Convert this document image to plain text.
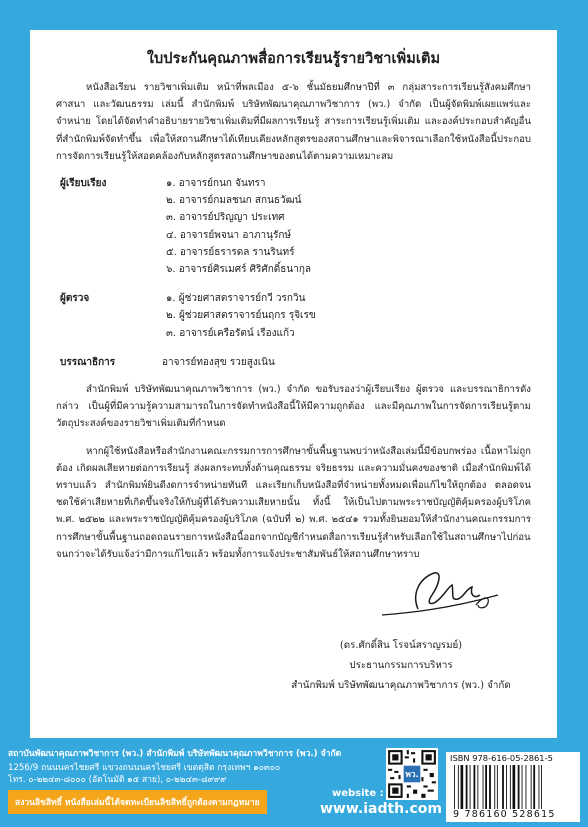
ใบประกันคุณภาพสื่อการเรียนรู้รายวิชาเพิ่มเติม

หนังสือเรียน รายวิชาเพิ่มเติม หน้าที่พลเมือง ๕-๖ ชั้นมัธยมศึกษาปีที่ ๓ กลุ่มสาระการเรียนรู้สังคมศึกษา ศาสนา และวัฒนธรรม เล่มนี้ สำนักพิมพ์ บริษัทพัฒนาคุณภาพวิชาการ (พว.) จำกัด เป็นผู้จัดพิมพ์เผยแพร่และจำหน่าย โดยได้จัดทำคำอธิบายรายวิชาเพิ่มเติมที่มีผลการเรียนรู้ สาระการเรียนรู้เพิ่มเติม และองค์ประกอบสำคัญอื่นที่สำนักพิมพ์จัดทำขึ้น เพื่อให้สถานศึกษาได้เทียบเคียงหลักสูตรของสถานศึกษาและพิจารณาเลือกใช้หนังสือนี้ประกอบการจัดการเรียนรู้ให้สอดคล้องกับหลักสูตรสถานศึกษาของตนได้ตามความเหมาะสม

ผู้เรียบเรียง	๑. อาจารย์กนก จันทรา
๒. อาจารย์กมลชนก สกนธวัฒน์
๓. อาจารย์ปริญญา ประเทศ
๔. อาจารย์พจนา อาภานุรักษ์
๕. อาจารย์ธรารดล รานรินทร์
๖. อาจารย์ศิรเมศร์ ศิริศักดิ์ธนากุล
ผู้ตรวจ	๑. ผู้ช่วยศาสตราจารย์กวี วรกวิน
๒. ผู้ช่วยศาสตราจารย์นฤกร รุจิเรข
๓. อาจารย์เครือรัตน์ เรืองแก้ว
บรรณาธิการ	อาจารย์ทองสุข รวยสูงเนิน

สำนักพิมพ์ บริษัทพัฒนาคุณภาพวิชาการ (พว.) จำกัด ขอรับรองว่าผู้เรียบเรียง ผู้ตรวจ และบรรณาธิการดังกล่าว เป็นผู้ที่มีความรู้ความสามารถในการจัดทำหนังสือนี้ให้มีความถูกต้อง และมีคุณภาพในการจัดการเรียนรู้ตามวัตถุประสงค์ของรายวิชาเพิ่มเติมที่กำหนด

หากผู้ใช้หนังสือหรือสำนักงานคณะกรรมการการศึกษาขั้นพื้นฐานพบว่าหนังสือเล่มนี้มีข้อบกพร่อง เนื้อหาไม่ถูกต้อง เกิดผลเสียหายต่อการเรียนรู้ ส่งผลกระทบทั้งด้านคุณธรรม จริยธรรม และความมั่นคงของชาติ เมื่อสำนักพิมพ์ได้ทราบแล้ว สำนักพิมพ์ยินดีงดการจำหน่ายทันที และเรียกเก็บหนังสือที่จำหน่ายทั้งหมดเพื่อแก้ไขให้ถูกต้อง ตลอดจนชดใช้ค่าเสียหายที่เกิดขึ้นจริงให้กับผู้ที่ได้รับความเสียหายนั้น ทั้งนี้ ให้เป็นไปตามพระราชบัญญัติคุ้มครองผู้บริโภค พ.ศ. ๒๕๒๒ และพระราชบัญญัติคุ้มครองผู้บริโภค (ฉบับที่ ๒) พ.ศ. ๒๕๔๑ รวมทั้งยินยอมให้สำนักงานคณะกรรมการการศึกษาขั้นพื้นฐานถอดถอนรายการหนังสือนี้ออกจากบัญชีกำหนดสื่อการเรียนรู้สำหรับเลือกใช้ในสถานศึกษาไปก่อนจนกว่าจะได้รับแจ้งว่ามีการแก้ไขแล้ว พร้อมทั้งการแจ้งประชาสัมพันธ์ให้สถานศึกษาทราบ

(ดร.ศักดิ์สิน โรจน์สราญรมย์)
ประธานกรรมการบริหาร
สำนักพิมพ์ บริษัทพัฒนาคุณภาพวิชาการ (พว.) จำกัด
สถาบันพัฒนาคุณภาพวิชาการ (พว.) สำนักพิมพ์ บริษัทพัฒนาคุณภาพวิชาการ (พว.) จำกัด
1256/9 ถนนนครไชยศรี แขวงถนนนครไชยศรี เขตดุสิต กรุงเทพฯ ๑๐๓๐๐
โทร. ๐-๒๒๔๓-๘๐๐๐ (อัตโนมัติ ๑๕ สาย), ๐-๒๒๔๓-๘๙๙๙
สงวนลิขสิทธิ์ หนังสือเล่มนี้ได้จดทะเบียนลิขสิทธิ์ถูกต้องตามกฎหมาย
website :
www.iadth.com
พว.
ISBN 978-616-05-2861-5
9 786160 528615
